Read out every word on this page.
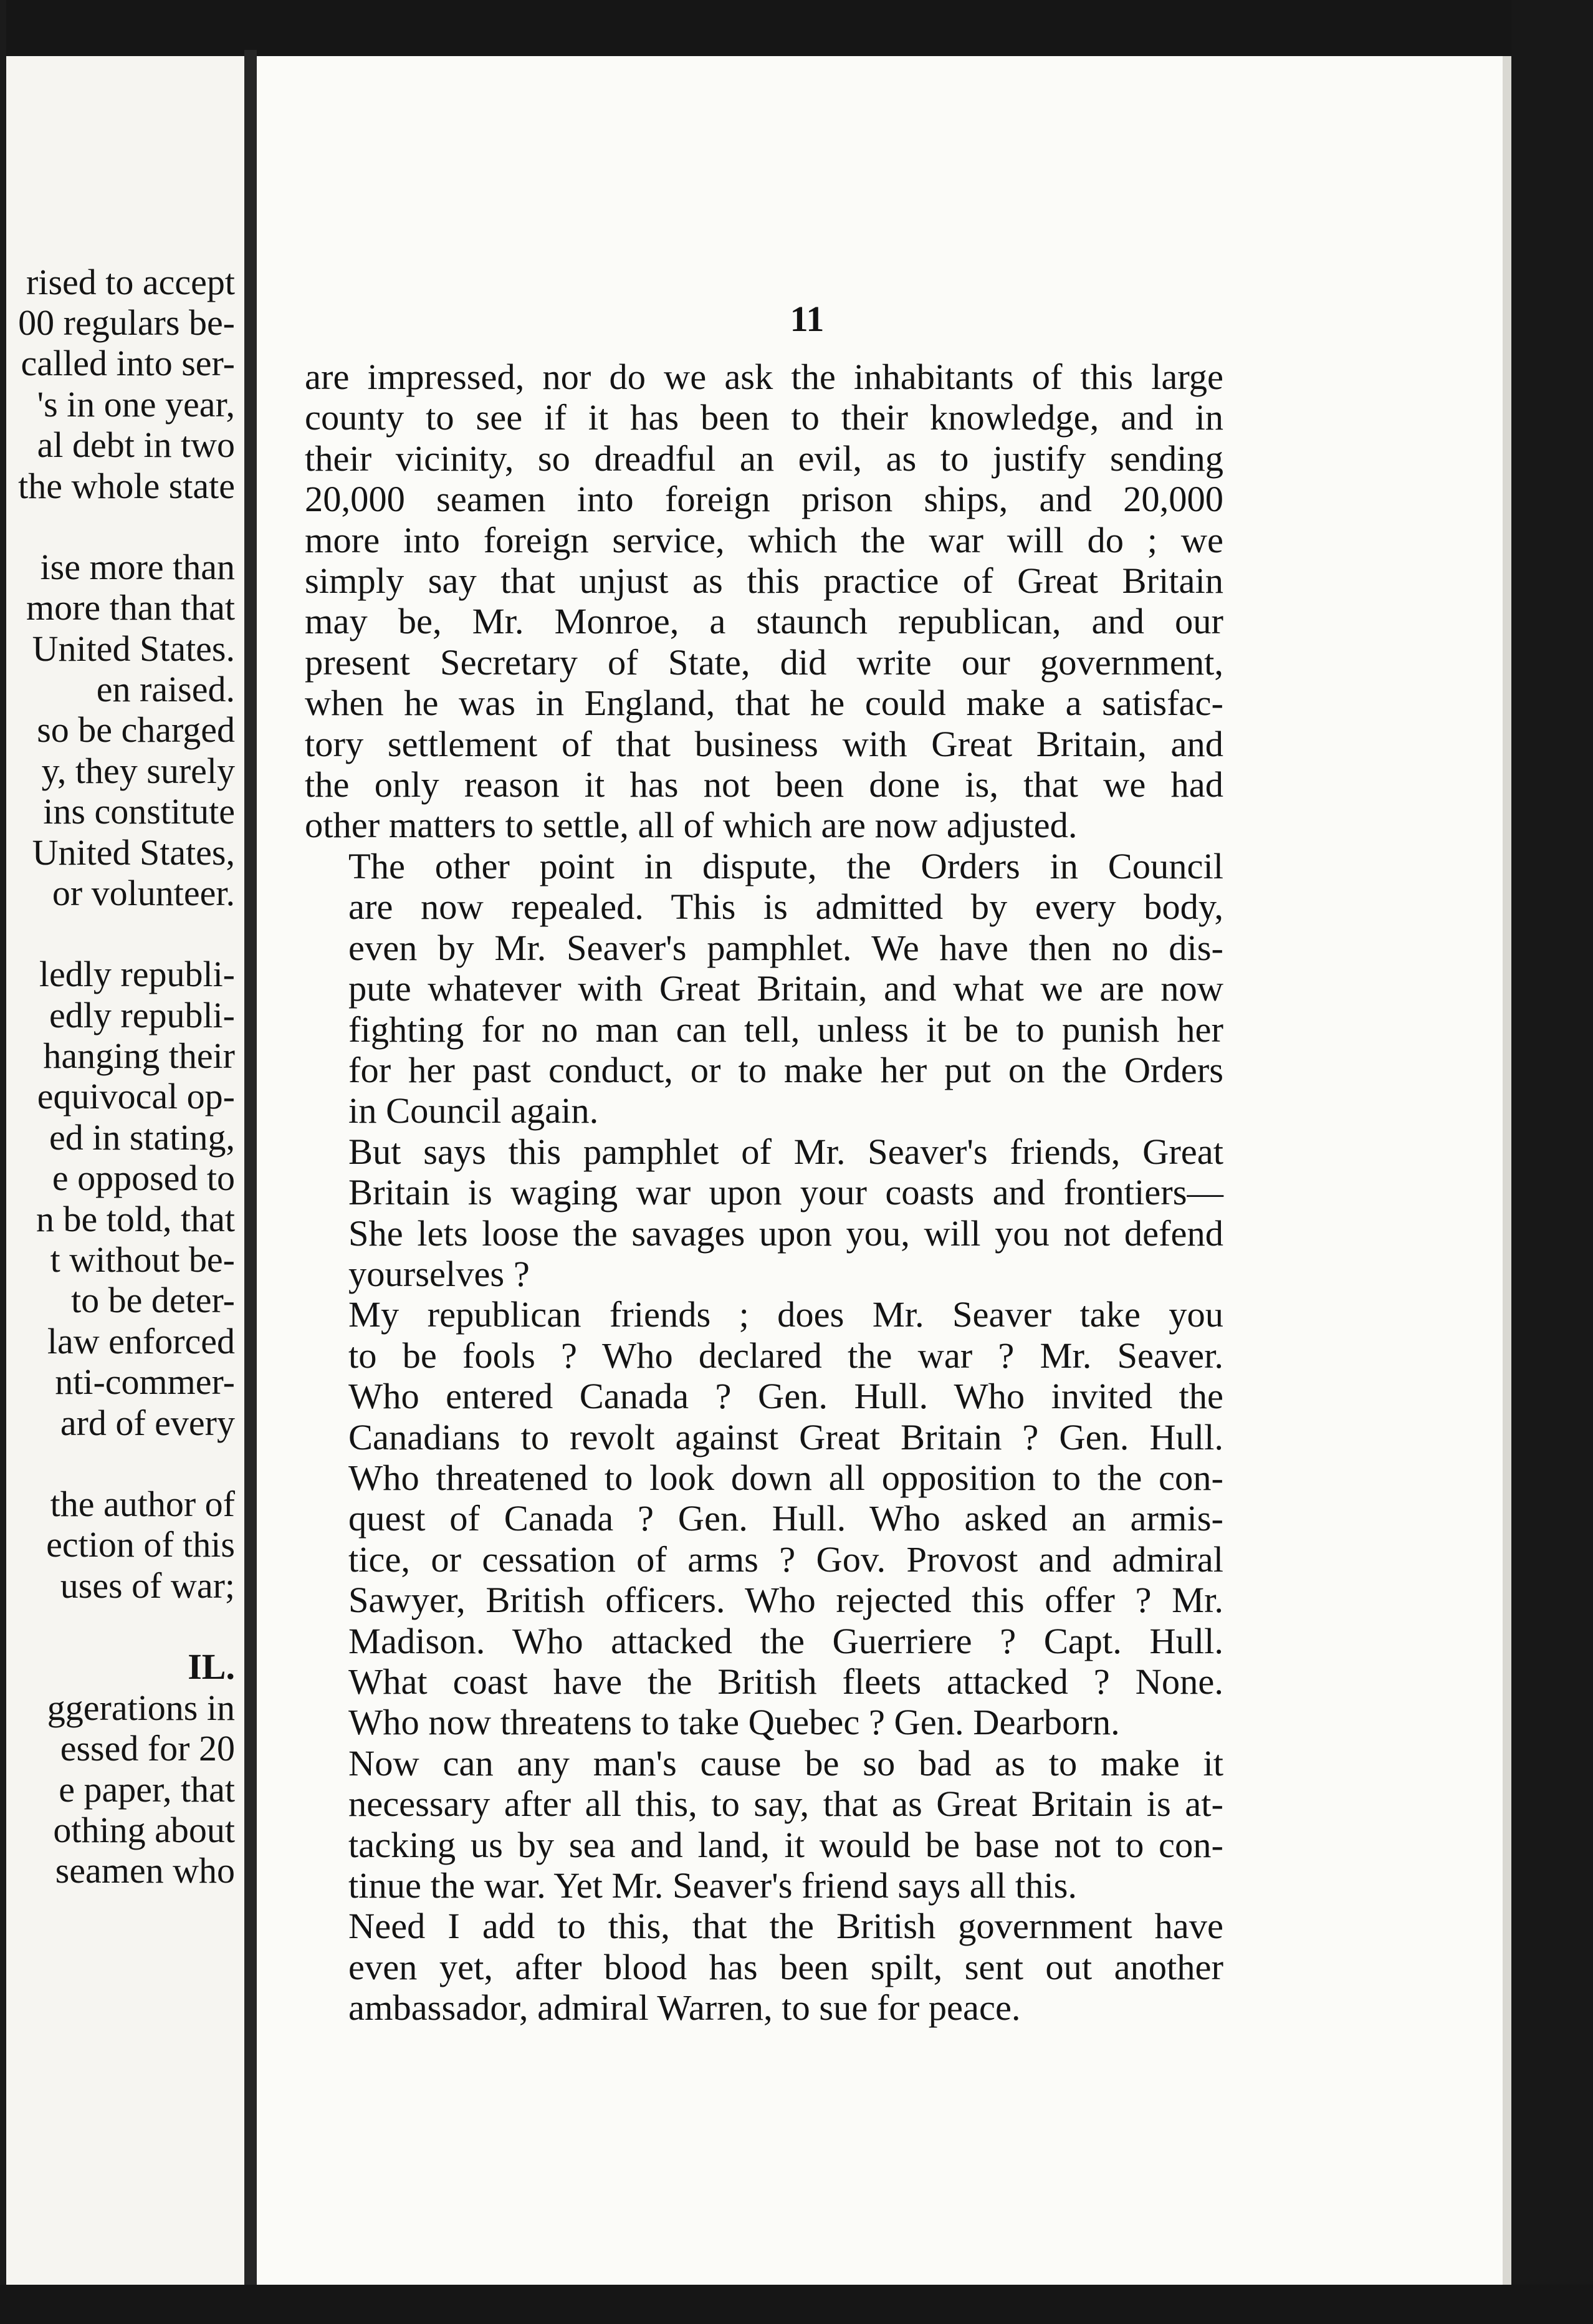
rised to accept

00 regulars be-

called into ser-

's in one year,

al debt in two

the whole state

ise more than

more than that

United States.

en raised.

so be charged

y, they surely

ins constitute

United States,

or volunteer.

ledly republi-

edly republi-

hanging their

equivocal op-

ed in stating,

e opposed to

n be told, that

t without be-

to be deter-

law enforced

nti-commer-

ard of every

the author of

ection of this

uses of war;

IL.

ggerations in

essed for 20

e paper, that

othing about

seamen who

11

are impressed, nor do we ask the inhabitants of this large
county to see if it has been to their knowledge, and in
their vicinity, so dreadful an evil, as to justify sending
20,000 seamen into foreign prison ships, and 20,000
more into foreign service, which the war will do ; we
simply say that unjust as this practice of Great Britain
may be, Mr. Monroe, a staunch republican, and our
present Secretary of State, did write our government,
when he was in England, that he could make a satisfac-
tory settlement of that business with Great Britain, and
the only reason it has not been done is, that we had
other matters to settle, all of which are now adjusted.

The other point in dispute, the Orders in Council
are now repealed. This is admitted by every body,
even by Mr. Seaver's pamphlet. We have then no dis-
pute whatever with Great Britain, and what we are now
fighting for no man can tell, unless it be to punish her
for her past conduct, or to make her put on the Orders
in Council again.

But says this pamphlet of Mr. Seaver's friends, Great
Britain is waging war upon your coasts and frontiers—
She lets loose the savages upon you, will you not defend
yourselves ?

My republican friends ; does Mr. Seaver take you
to be fools ? Who declared the war ? Mr. Seaver.
Who entered Canada ? Gen. Hull. Who invited the
Canadians to revolt against Great Britain ? Gen. Hull.
Who threatened to look down all opposition to the con-
quest of Canada ? Gen. Hull. Who asked an armis-
tice, or cessation of arms ? Gov. Provost and admiral
Sawyer, British officers. Who rejected this offer ? Mr.
Madison. Who attacked the Guerriere ? Capt. Hull.
What coast have the British fleets attacked ? None.
Who now threatens to take Quebec ? Gen. Dearborn.

Now can any man's cause be so bad as to make it
necessary after all this, to say, that as Great Britain is at-
tacking us by sea and land, it would be base not to con-
tinue the war. Yet Mr. Seaver's friend says all this.

Need I add to this, that the British government have
even yet, after blood has been spilt, sent out another
ambassador, admiral Warren, to sue for peace.
